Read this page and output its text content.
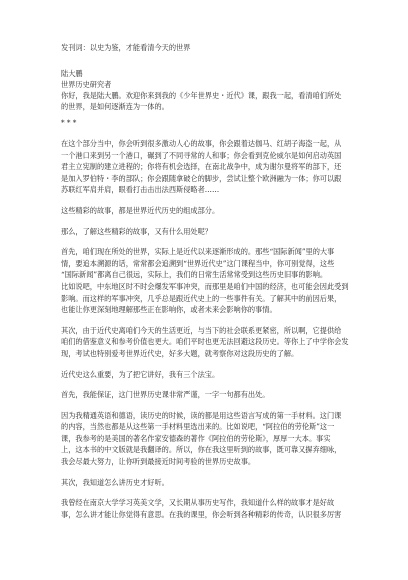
发刊词：以史为鉴，才能看清今天的世界
陆大鹏
世界历史研究者
你好，我是陆大鹏。欢迎你来到我的《少年世界史・近代》课，跟我一起，看清咱们所处
的世界，是如何逐渐连为一体的。
* * *
在这个部分当中，你会听到很多激动人心的故事，你会跟着达伽马、红胡子海盗一起，从
一个港口来到另一个港口，碾到了不同寻常的人和事；你会看到克伦威尔是如何启动英国
君主立宪制的建立进程的；你将有机会选择，在南北战争中，成为谢尔曼将军的部下，还
是加入罗伯特・李的部队；你会跟随拿破仑的脚步，尝试让整个欧洲融为一体；你可以跟
苏联红军肩并肩，眼看打击击出法西斯侵略者……
这些精彩的故事，都是世界近代历史的组成部分。
那么，了解这些精彩的故事，又有什么用处呢？
首先，咱们现在所处的世界，实际上是近代以来逐渐形成的。那些“国际新闻”里的大事
情，要追本溯源的话，常常都会追溯到“世界近代史”这门课程当中，你可别觉得，这些
“国际新闻”都离自己很远，实际上，我们的日常生活常常受到这些历史旧事的影响。
比如说吧，中东地区时不时会爆发军事冲突，而那里是咱们中国的经济，也可能会因此受到
影响。而这样的军事冲突，几乎总是跟近代史上的一些事件有关。了解其中的前因后果，
也能让你更深刻地理解那些正在影响你，或者未来会影响你的事情。
其次，由于近代史离咱们今天的生活更近，与当下的社会联系更紧密，所以啊，它提供给
咱们的借鉴意义和参考价值也更大。咱们平时也更无法回避这段历史。等你上了中学你会发
现，考试也特别爱考世界近代史，好多大题，就考察你对这段历史的了解。
近代史这么重要，为了把它讲好，我有三个法宝。
首先，我能保证，这门世界历史课非常严谨，一字一句都有出处。
因为我精通英语和德语，读历史的时候，读的都是用这些语言写成的第一手材料。这门课
的内容，当然也都是从这些第一手材料里选出来的。比如说吧，“阿拉伯的劳伦斯”这一
课，我参考的是美国的著名作家安德森的著作《阿拉伯的劳伦斯》，厚厚一大本。事实
上，这本书的中文版就是我翻译的。所以，你在我这里听到的故事，既可靠又摒弃细咏，
我会尽最大努力，让你听到最接近时间考验的世界历史故事。
其次，我知道怎么讲历史才好听。
我曾经在南京大学学习英美文学，又长期从事历史写作，我知道什么样的故事才是好故
事，怎么讲才能让你觉得有意思。在我的课里，你会听到各种精彩的传奇，认识很多厉害
